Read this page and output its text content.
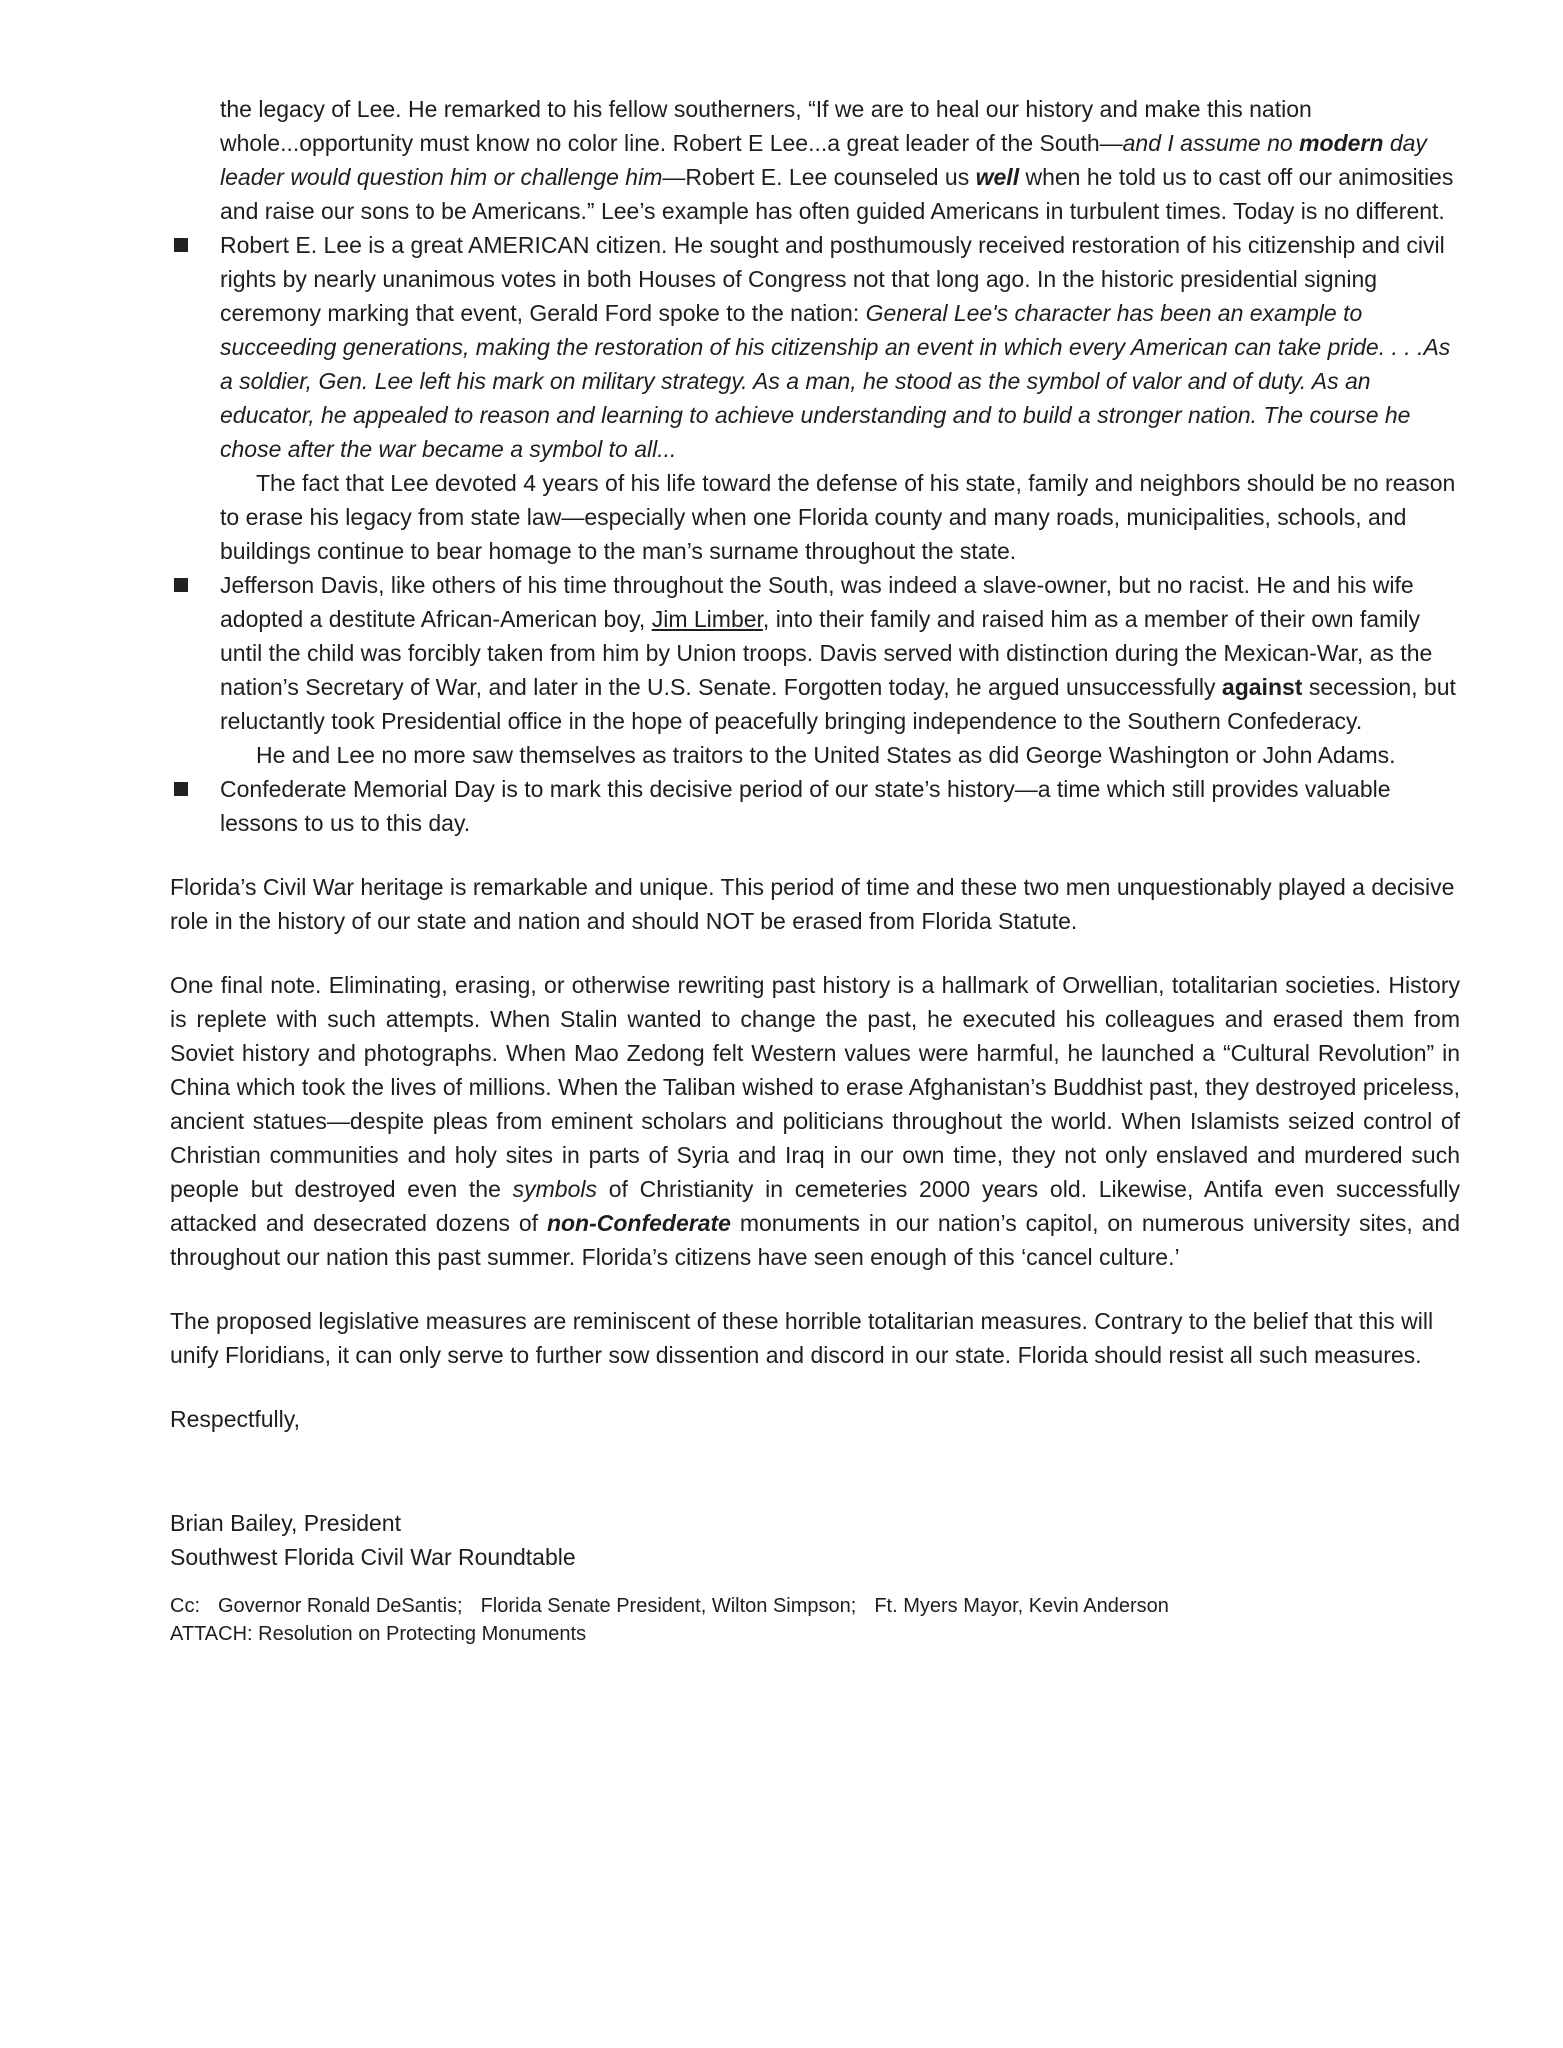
the legacy of Lee. He remarked to his fellow southerners, “If we are to heal our history and make this nation whole...opportunity must know no color line. Robert E Lee...a great leader of the South—and I assume no modern day leader would question him or challenge him—Robert E. Lee counseled us well when he told us to cast off our animosities and raise our sons to be Americans.” Lee’s example has often guided Americans in turbulent times. Today is no different.

Robert E. Lee is a great AMERICAN citizen. He sought and posthumously received restoration of his citizenship and civil rights by nearly unanimous votes in both Houses of Congress not that long ago. In the historic presidential signing ceremony marking that event, Gerald Ford spoke to the nation: General Lee's character has been an example to succeeding generations, making the restoration of his citizenship an event in which every American can take pride. . . .As a soldier, Gen. Lee left his mark on military strategy. As a man, he stood as the symbol of valor and of duty. As an educator, he appealed to reason and learning to achieve understanding and to build a stronger nation. The course he chose after the war became a symbol to all...

The fact that Lee devoted 4 years of his life toward the defense of his state, family and neighbors should be no reason to erase his legacy from state law—especially when one Florida county and many roads, municipalities, schools, and buildings continue to bear homage to the man’s surname throughout the state.

Jefferson Davis, like others of his time throughout the South, was indeed a slave-owner, but no racist. He and his wife adopted a destitute African-American boy, Jim Limber, into their family and raised him as a member of their own family until the child was forcibly taken from him by Union troops. Davis served with distinction during the Mexican-War, as the nation’s Secretary of War, and later in the U.S. Senate. Forgotten today, he argued unsuccessfully against secession, but reluctantly took Presidential office in the hope of peacefully bringing independence to the Southern Confederacy.

He and Lee no more saw themselves as traitors to the United States as did George Washington or John Adams.

Confederate Memorial Day is to mark this decisive period of our state’s history—a time which still provides valuable lessons to us to this day.

Florida’s Civil War heritage is remarkable and unique. This period of time and these two men unquestionably played a decisive role in the history of our state and nation and should NOT be erased from Florida Statute.

One final note. Eliminating, erasing, or otherwise rewriting past history is a hallmark of Orwellian, totalitarian societies. History is replete with such attempts. When Stalin wanted to change the past, he executed his colleagues and erased them from Soviet history and photographs. When Mao Zedong felt Western values were harmful, he launched a “Cultural Revolution” in China which took the lives of millions. When the Taliban wished to erase Afghanistan’s Buddhist past, they destroyed priceless, ancient statues—despite pleas from eminent scholars and politicians throughout the world. When Islamists seized control of Christian communities and holy sites in parts of Syria and Iraq in our own time, they not only enslaved and murdered such people but destroyed even the symbols of Christianity in cemeteries 2000 years old. Likewise, Antifa even successfully attacked and desecrated dozens of non-Confederate monuments in our nation’s capitol, on numerous university sites, and throughout our nation this past summer. Florida’s citizens have seen enough of this ‘cancel culture.’

The proposed legislative measures are reminiscent of these horrible totalitarian measures. Contrary to the belief that this will unify Floridians, it can only serve to further sow dissention and discord in our state. Florida should resist all such measures.

Respectfully,

Brian Bailey, President

Southwest Florida Civil War Roundtable

Cc: Governor Ronald DeSantis; Florida Senate President, Wilton Simpson; Ft. Myers Mayor, Kevin Anderson

ATTACH: Resolution on Protecting Monuments
